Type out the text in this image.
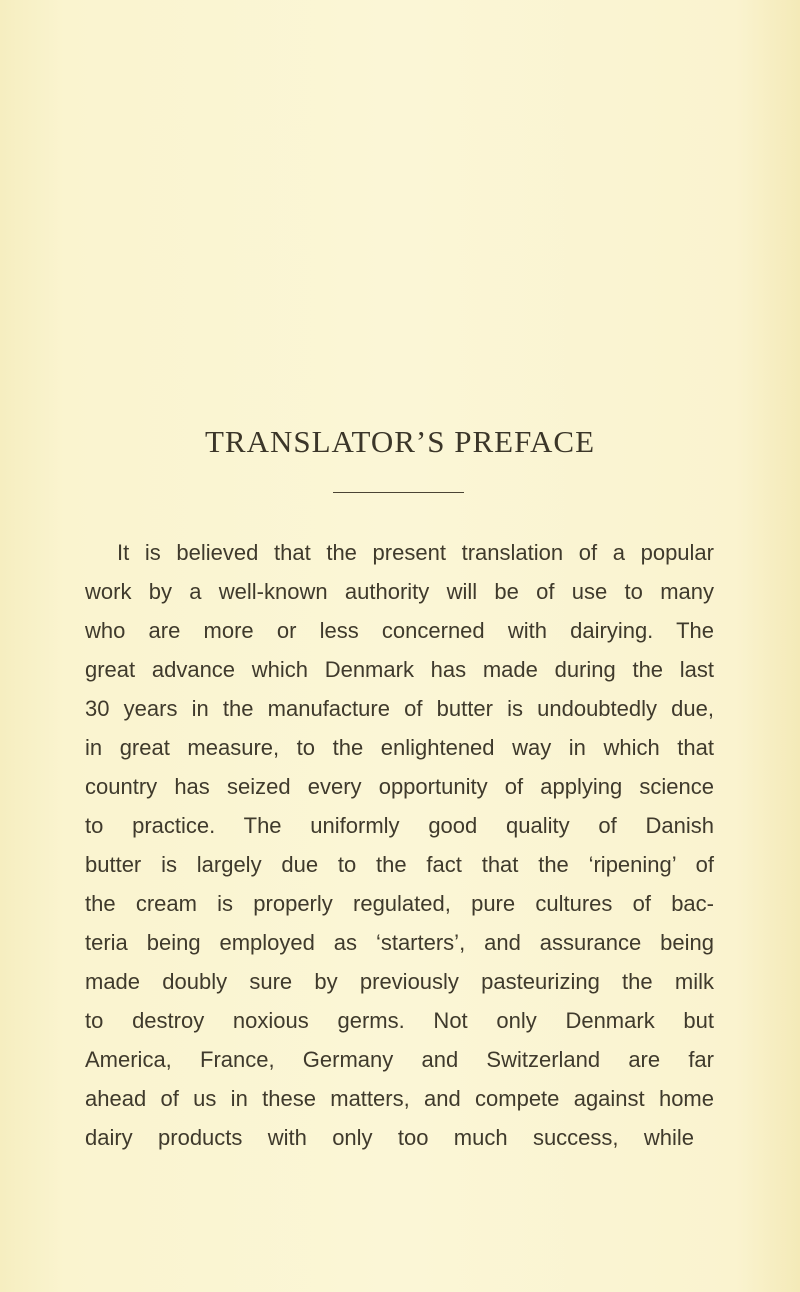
TRANSLATOR’S PREFACE
It is believed that the present translation of a popular
work by a well-known authority will be of use to many
who are more or less concerned with dairying. The
great advance which Denmark has made during the last
30 years in the manufacture of butter is undoubtedly due,
in great measure, to the enlightened way in which that
country has seized every opportunity of applying science
to practice. The uniformly good quality of Danish
butter is largely due to the fact that the ‘ripening’ of
the cream is properly regulated, pure cultures of bac-
teria being employed as ‘starters’, and assurance being
made doubly sure by previously pasteurizing the milk
to destroy noxious germs. Not only Denmark but
America, France, Germany and Switzerland are far
ahead of us in these matters, and compete against home
dairy products with only too much success, while
